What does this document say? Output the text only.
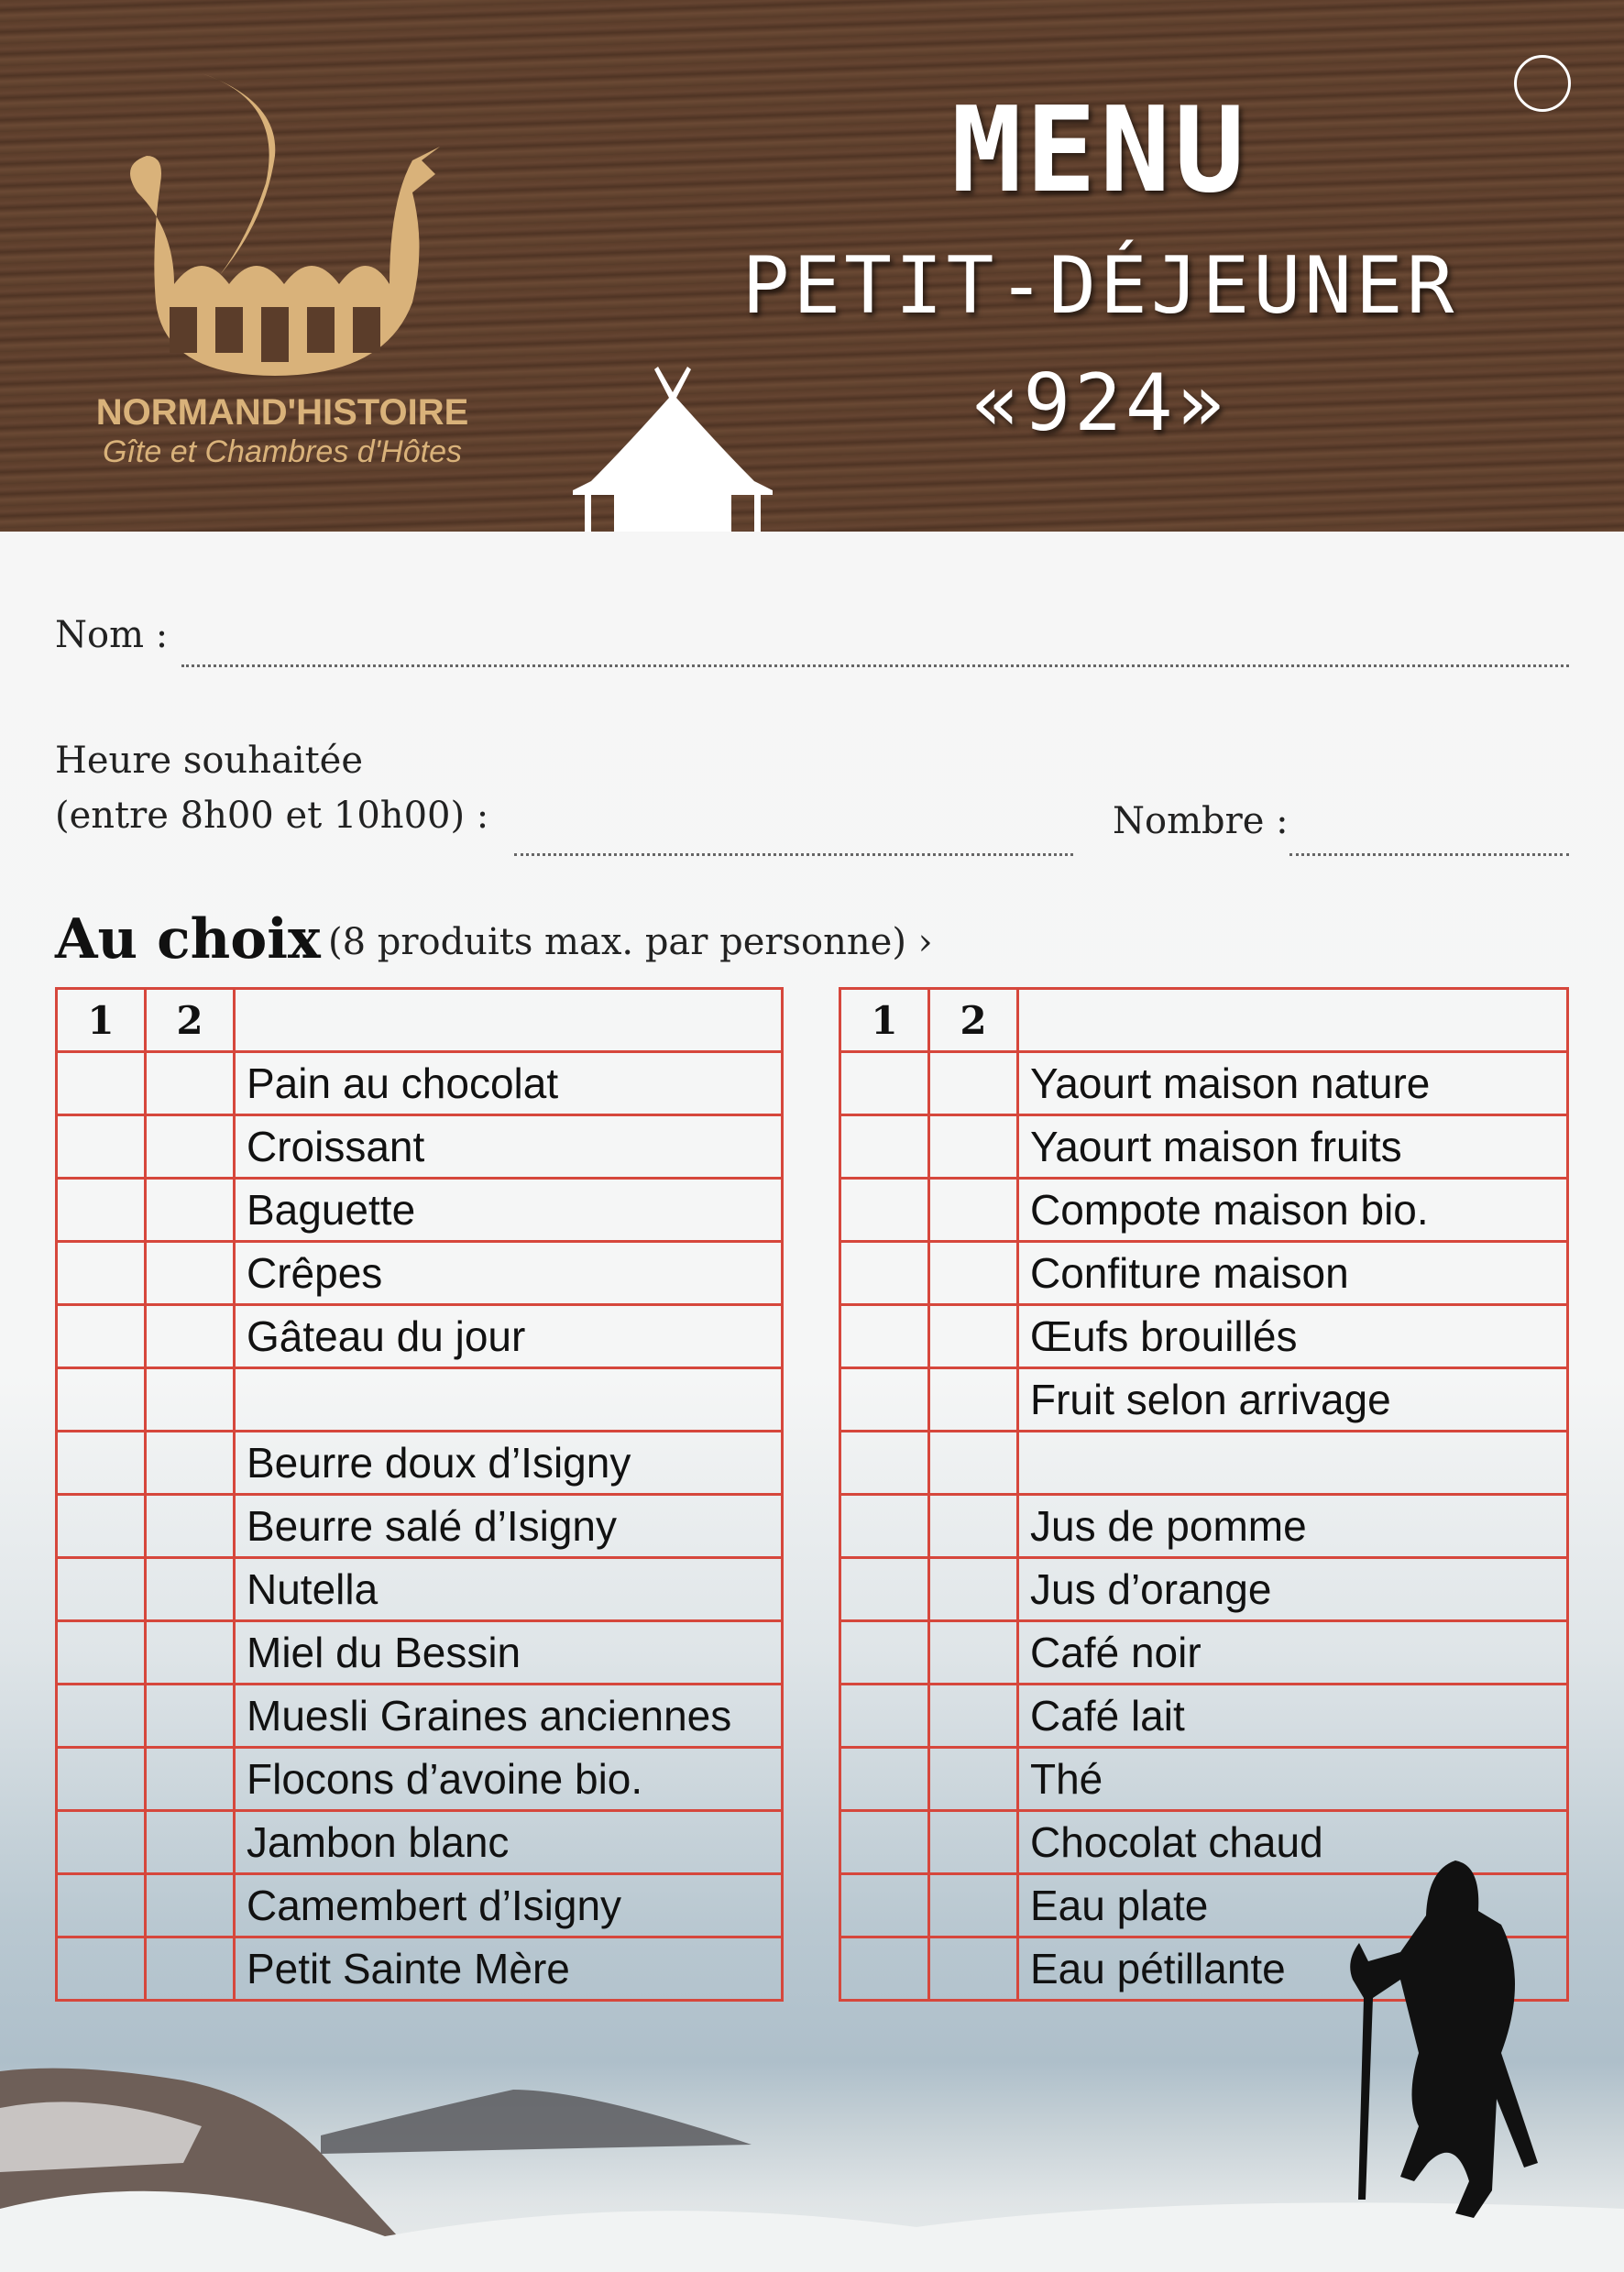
NORMAND'HISTOIRE
Gîte et Chambres d'Hôtes
MENU
PETIT-DÉJEUNER
«924»
Nom :
Heure souhaitée
(entre 8h00 et 10h00) :	Nombre :
Au choix (8 produits max. par personne) ›
1	2	
		Pain au chocolat
		Croissant
		Baguette
		Crêpes
		Gâteau du jour

		Beurre doux d’Isigny
		Beurre salé d’Isigny
		Nutella
		Miel du Bessin
		Muesli Graines anciennes
		Flocons d’avoine bio.
		Jambon blanc
		Camembert d’Isigny
		Petit Sainte Mère
1	2	
		Yaourt maison nature
		Yaourt maison fruits
		Compote maison bio.
		Confiture maison
		Œufs brouillés
		Fruit selon arrivage

		Jus de pomme
		Jus d’orange
		Café noir
		Café lait
		Thé
		Chocolat chaud
		Eau plate
		Eau pétillante
